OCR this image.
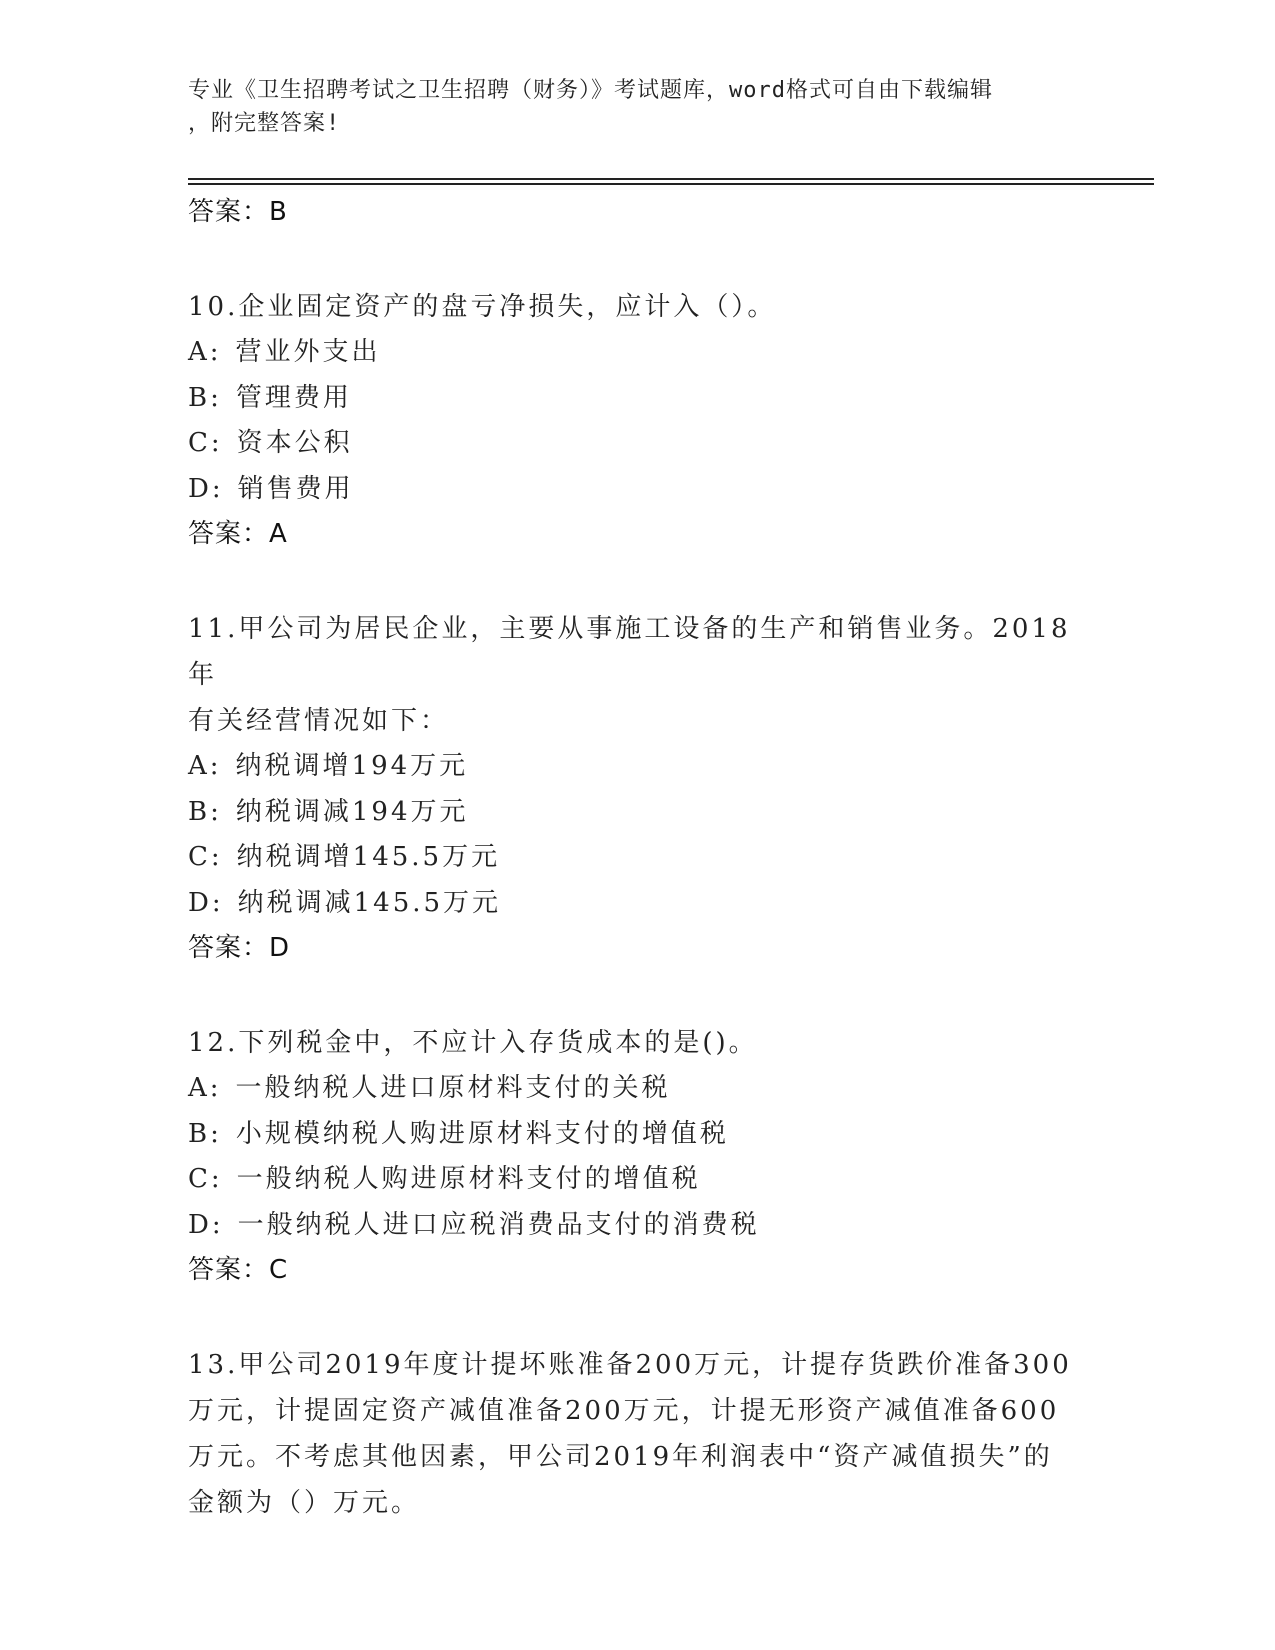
专业《卫生招聘考试之卫生招聘（财务）》考试题库，word格式可自由下载编辑
，附完整答案!

答案：B

10.企业固定资产的盘亏净损失，应计入（）。

A: 营业外支出

B: 管理费用

C: 资本公积

D: 销售费用

答案：A

11.甲公司为居民企业，主要从事施工设备的生产和销售业务。2018年

有关经营情况如下：

A: 纳税调增194万元

B: 纳税调减194万元

C: 纳税调增145.5万元

D: 纳税调减145.5万元

答案：D

12.下列税金中，不应计入存货成本的是()。

A: 一般纳税人进口原材料支付的关税

B: 小规模纳税人购进原材料支付的增值税

C: 一般纳税人购进原材料支付的增值税

D: 一般纳税人进口应税消费品支付的消费税

答案：C

13.甲公司2019年度计提坏账准备200万元，计提存货跌价准备300

万元，计提固定资产减值准备200万元，计提无形资产减值准备600

万元。不考虑其他因素，甲公司2019年利润表中“资产减值损失”的

金额为（）万元。
